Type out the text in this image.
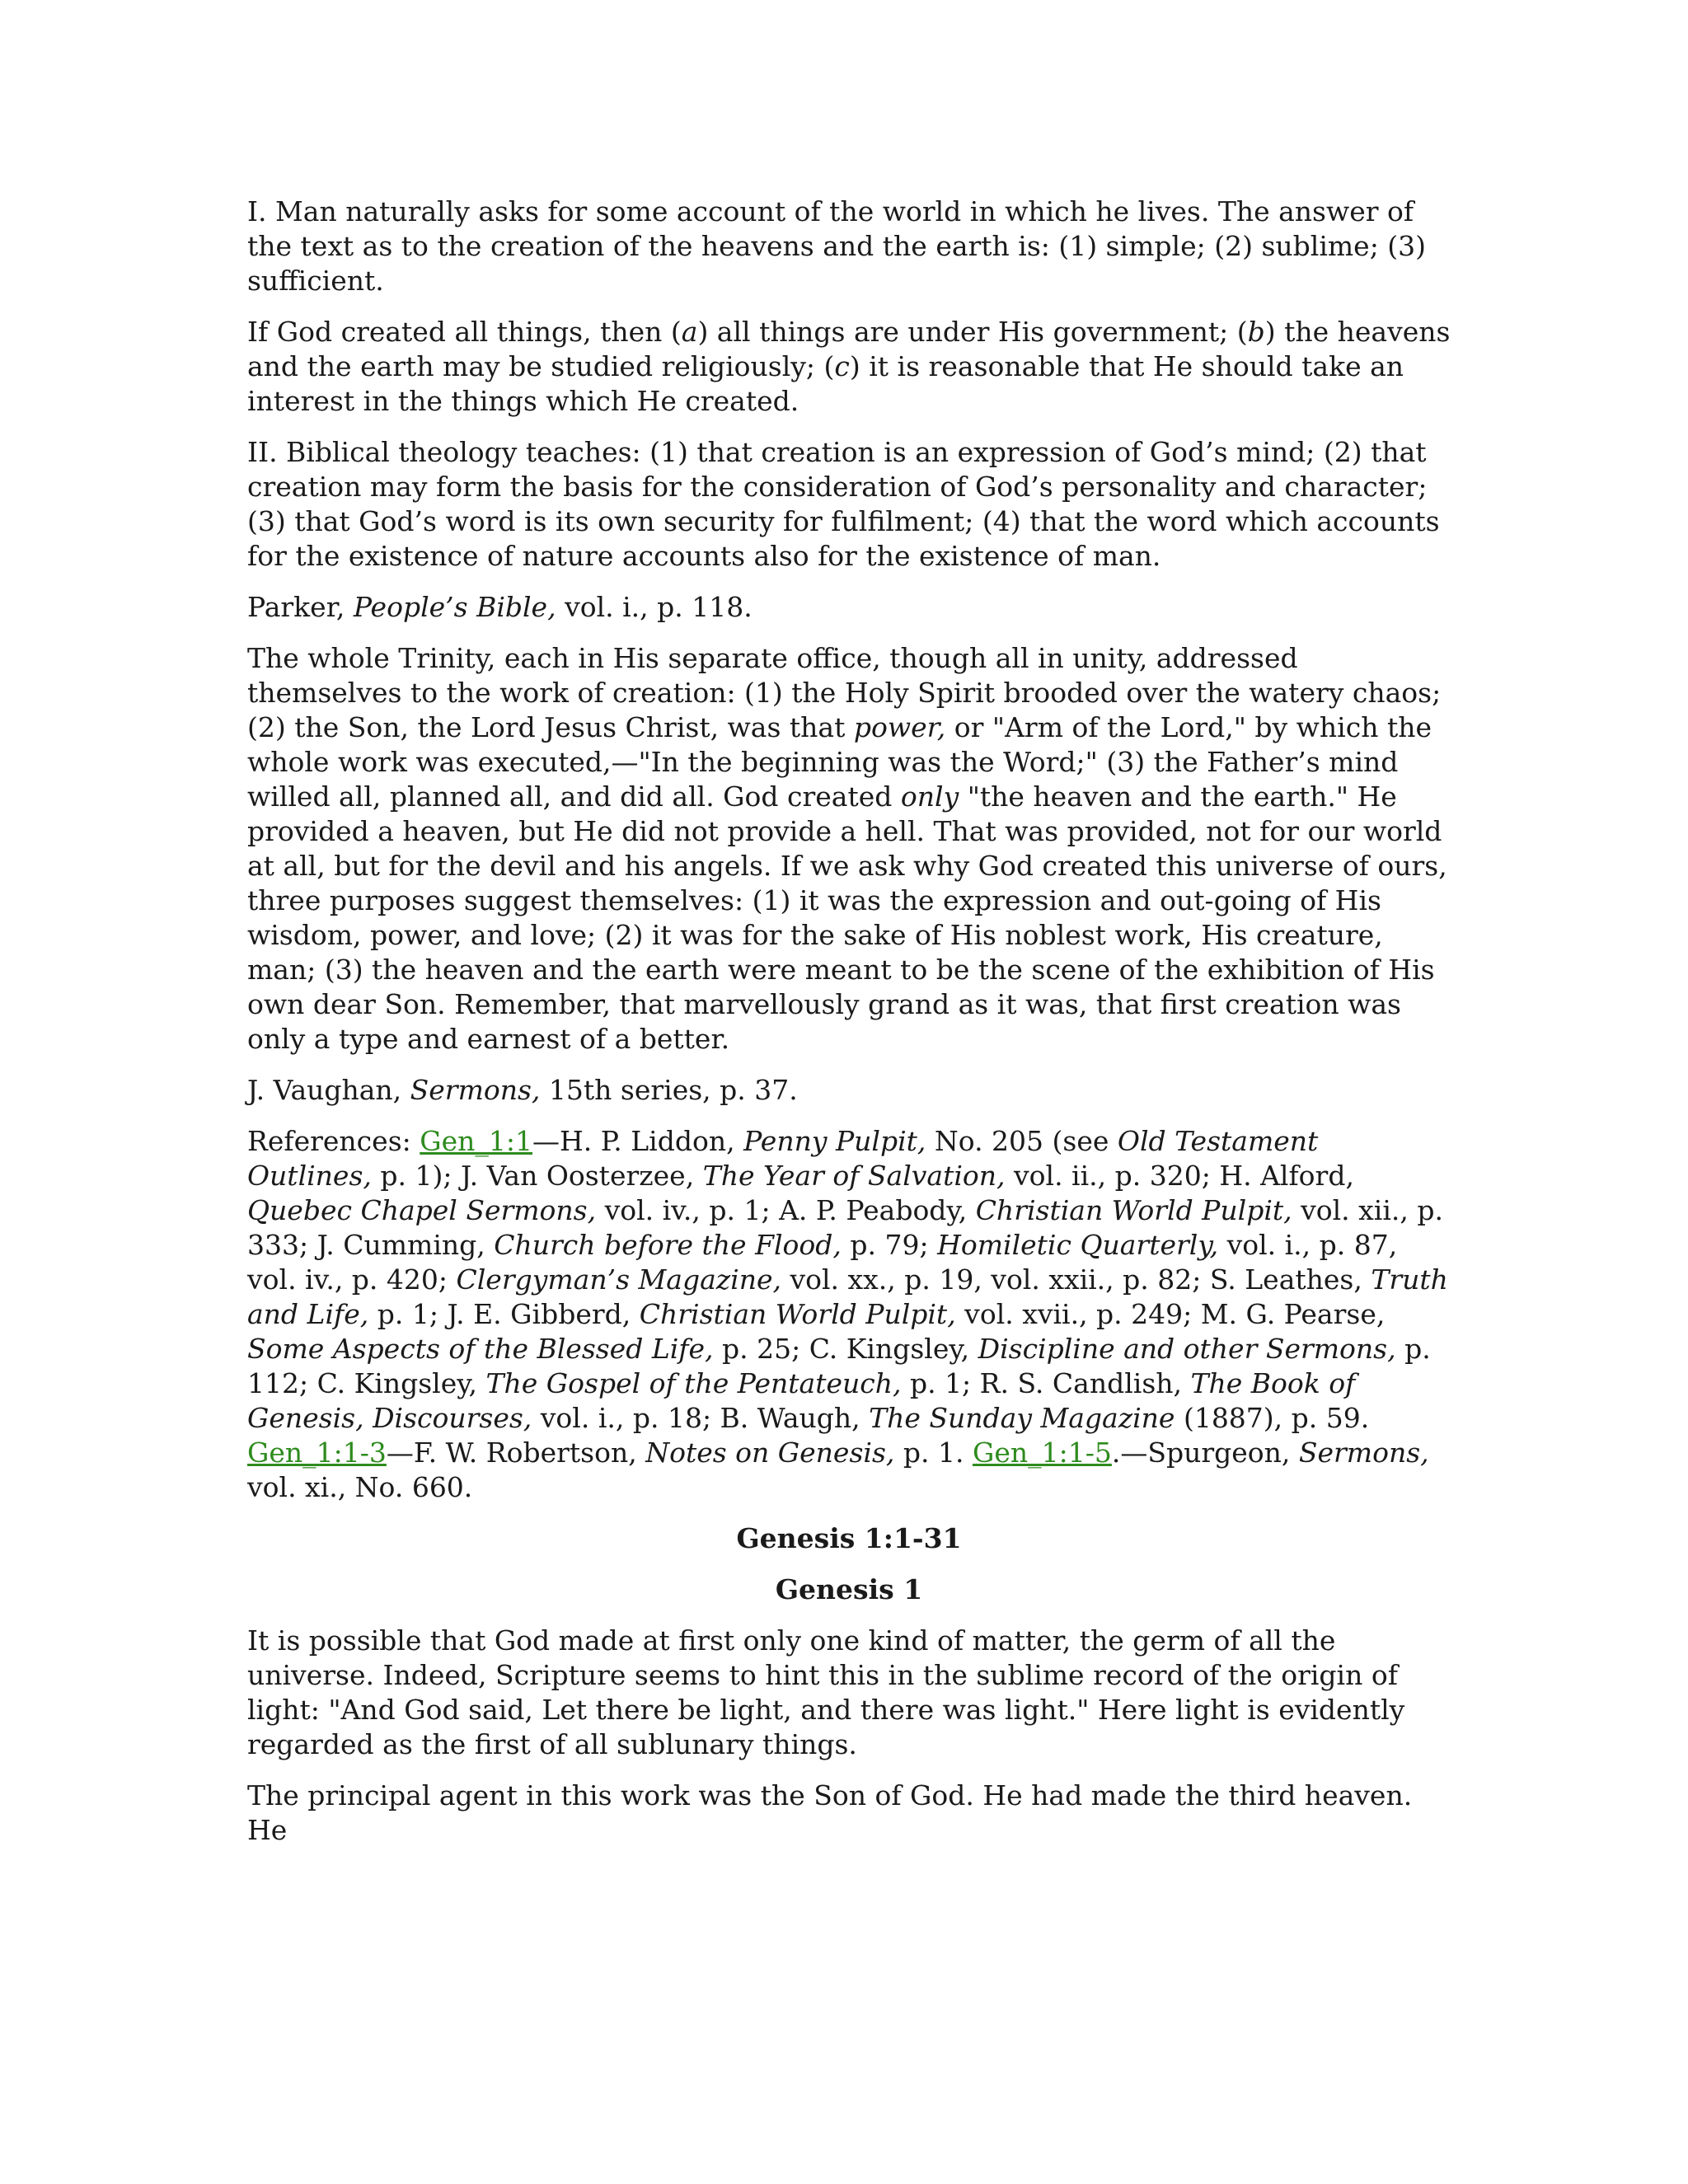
I. Man naturally asks for some account of the world in which he lives. The answer of the text as to the creation of the heavens and the earth is: (1) simple; (2) sublime; (3) sufficient.

If God created all things, then (a) all things are under His government; (b) the heavens and the earth may be studied religiously; (c) it is reasonable that He should take an interest in the things which He created.

II. Biblical theology teaches: (1) that creation is an expression of God’s mind; (2) that creation may form the basis for the consideration of God’s personality and character; (3) that God’s word is its own security for fulfilment; (4) that the word which accounts for the existence of nature accounts also for the existence of man.

Parker, People’s Bible, vol. i., p. 118.

The whole Trinity, each in His separate office, though all in unity, addressed themselves to the work of creation: (1) the Holy Spirit brooded over the watery chaos; (2) the Son, the Lord Jesus Christ, was that power, or "Arm of the Lord," by which the whole work was executed,—"In the beginning was the Word;" (3) the Father’s mind willed all, planned all, and did all. God created only "the heaven and the earth." He provided a heaven, but He did not provide a hell. That was provided, not for our world at all, but for the devil and his angels. If we ask why God created this universe of ours, three purposes suggest themselves: (1) it was the expression and out-going of His wisdom, power, and love; (2) it was for the sake of His noblest work, His creature, man; (3) the heaven and the earth were meant to be the scene of the exhibition of His own dear Son. Remember, that marvellously grand as it was, that first creation was only a type and earnest of a better.

J. Vaughan, Sermons, 15th series, p. 37.

References: Gen_1:1—H. P. Liddon, Penny Pulpit, No. 205 (see Old Testament Outlines, p. 1); J. Van Oosterzee, The Year of Salvation, vol. ii., p. 320; H. Alford, Quebec Chapel Sermons, vol. iv., p. 1; A. P. Peabody, Christian World Pulpit, vol. xii., p. 333; J. Cumming, Church before the Flood, p. 79; Homiletic Quarterly, vol. i., p. 87, vol. iv., p. 420; Clergyman’s Magazine, vol. xx., p. 19, vol. xxii., p. 82; S. Leathes, Truth and Life, p. 1; J. E. Gibberd, Christian World Pulpit, vol. xvii., p. 249; M. G. Pearse, Some Aspects of the Blessed Life, p. 25; C. Kingsley, Discipline and other Sermons, p. 112; C. Kingsley, The Gospel of the Pentateuch, p. 1; R. S. Candlish, The Book of Genesis, Discourses, vol. i., p. 18; B. Waugh, The Sunday Magazine (1887), p. 59. Gen_1:1-3—F. W. Robertson, Notes on Genesis, p. 1. Gen_1:1-5.—Spurgeon, Sermons, vol. xi., No. 660.

Genesis 1:1-31

Genesis 1

It is possible that God made at first only one kind of matter, the germ of all the universe. Indeed, Scripture seems to hint this in the sublime record of the origin of light: "And God said, Let there be light, and there was light." Here light is evidently regarded as the first of all sublunary things.

The principal agent in this work was the Son of God. He had made the third heaven. He
